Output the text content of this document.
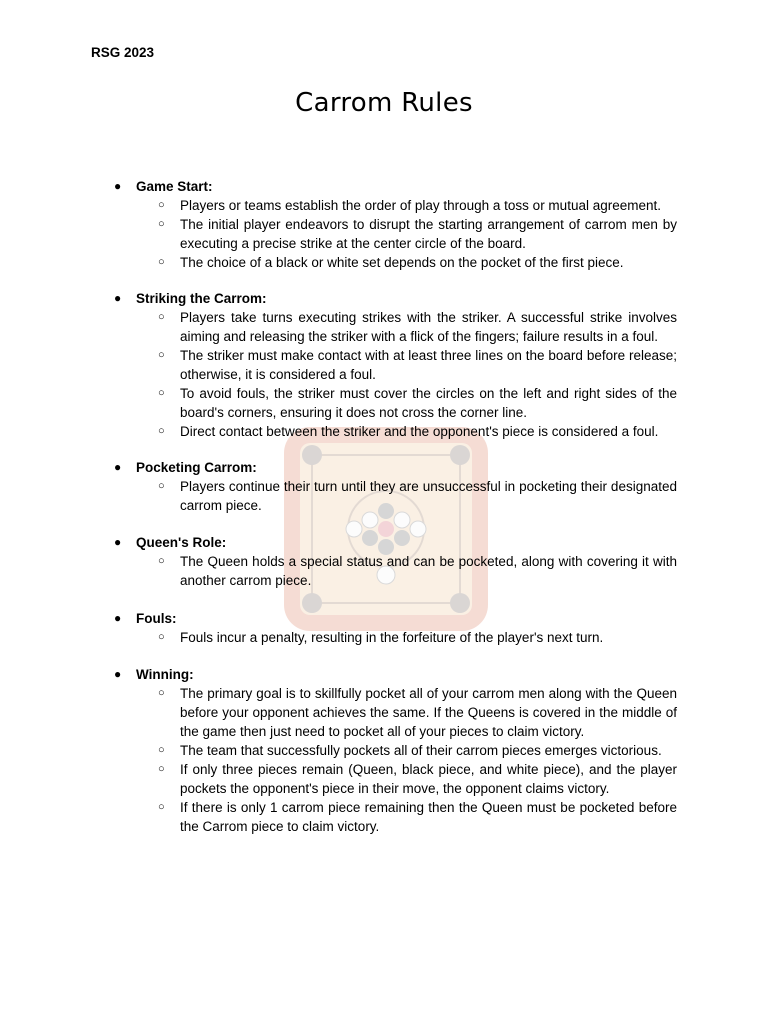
RSG 2023
Carrom Rules
● Game Start:
○ Players or teams establish the order of play through a toss or mutual agreement.
○ The initial player endeavors to disrupt the starting arrangement of carrom men by executing a precise strike at the center circle of the board.
○ The choice of a black or white set depends on the pocket of the first piece.
● Striking the Carrom:
○ Players take turns executing strikes with the striker. A successful strike involves aiming and releasing the striker with a flick of the fingers; failure results in a foul.
○ The striker must make contact with at least three lines on the board before release; otherwise, it is considered a foul.
○ To avoid fouls, the striker must cover the circles on the left and right sides of the board's corners, ensuring it does not cross the corner line.
○ Direct contact between the striker and the opponent's piece is considered a foul.
● Pocketing Carrom:
○ Players continue their turn until they are unsuccessful in pocketing their designated carrom piece.
● Queen's Role:
○ The Queen holds a special status and can be pocketed, along with covering it with another carrom piece.
● Fouls:
○ Fouls incur a penalty, resulting in the forfeiture of the player's next turn.
● Winning:
○ The primary goal is to skillfully pocket all of your carrom men along with the Queen before your opponent achieves the same. If the Queens is covered in the middle of the game then just need to pocket all of your pieces to claim victory.
○ The team that successfully pockets all of their carrom pieces emerges victorious.
○ If only three pieces remain (Queen, black piece, and white piece), and the player pockets the opponent's piece in their move, the opponent claims victory.
○ If there is only 1 carrom piece remaining then the Queen must be pocketed before the Carrom piece to claim victory.
